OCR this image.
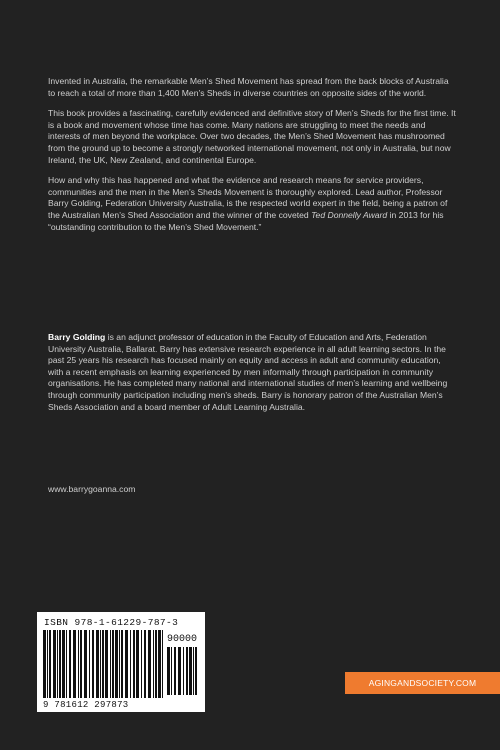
Invented in Australia, the remarkable Men’s Shed Movement has spread from the back blocks of Australia to reach a total of more than 1,400 Men’s Sheds in diverse countries on opposite sides of the world.

This book provides a fascinating, carefully evidenced and definitive story of Men’s Sheds for the first time. It is a book and movement whose time has come. Many nations are struggling to meet the needs and interests of men beyond the workplace. Over two decades, the Men’s Shed Movement has mushroomed from the ground up to become a strongly networked international movement, not only in Australia, but now Ireland, the UK, New Zealand, and continental Europe.

How and why this has happened and what the evidence and research means for service providers, communities and the men in the Men’s Sheds Movement is thoroughly explored. Lead author, Professor Barry Golding, Federation University Australia, is the respected world expert in the field, being a patron of the Australian Men’s Shed Association and the winner of the coveted Ted Donnelly Award in 2013 for his “outstanding contribution to the Men’s Shed Movement.”

Barry Golding is an adjunct professor of education in the Faculty of Education and Arts, Federation University Australia, Ballarat. Barry has extensive research experience in all adult learning sectors. In the past 25 years his research has focused mainly on equity and access in adult and community education, with a recent emphasis on learning experienced by men informally through participation in community organisations. He has completed many national and international studies of men’s learning and wellbeing through community participation including men’s sheds. Barry is honorary patron of the Australian Men’s Sheds Association and a board member of Adult Learning Australia.

www.barrygoanna.com
ISBN 978-1-61229-787-3
90000
9 781612 297873
AGINGANDSOCIETY.COM
